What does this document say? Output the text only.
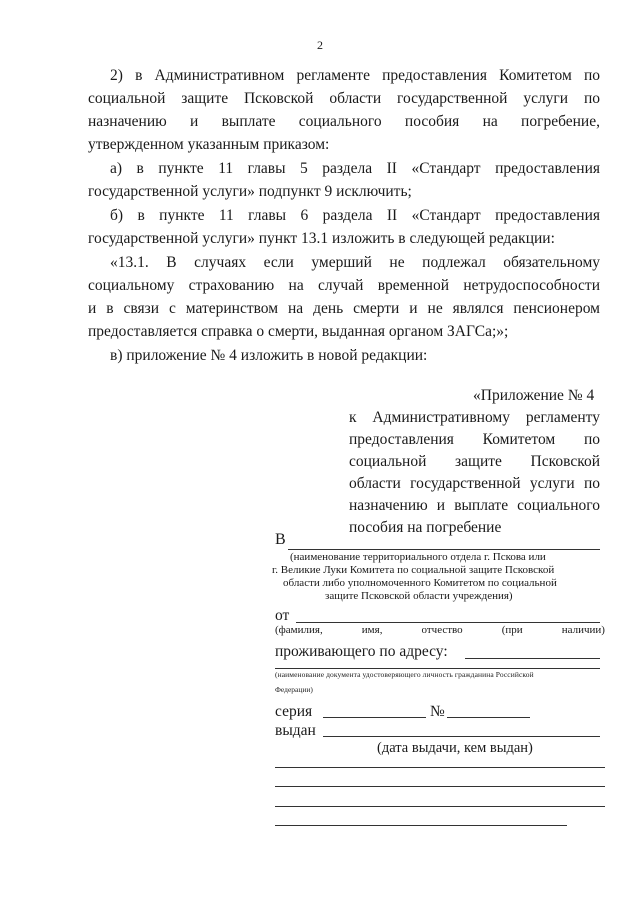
2
2) в Административном регламенте предоставления Комитетом по
социальной защите Псковской области государственной услуги по
назначению и выплате социального пособия на погребение,
утвержденном указанным приказом:
а) в пункте 11 главы 5 раздела II «Стандарт предоставления
государственной услуги» подпункт 9 исключить;
б) в пункте 11 главы 6 раздела II «Стандарт предоставления
государственной услуги» пункт 13.1 изложить в следующей редакции:
«13.1. В случаях если умерший не подлежал обязательному
социальному страхованию на случай временной нетрудоспособности
и в связи с материнством на день смерти и не являлся пенсионером
предоставляется справка о смерти, выданная органом ЗАГСа;»;
в) приложение № 4 изложить в новой редакции:
«Приложение № 4
к Административному регламенту
предоставления Комитетом по
социальной защите Псковской
области государственной услуги по
назначению и выплате социального
пособия на погребение
В
(наименование территориального отдела г. Пскова или
г. Великие Луки Комитета по социальной защите Псковской
области либо уполномоченного Комитетом по социальной
защите Псковской области учреждения)
от
(фамилия,	имя,	отчество	(при	наличии)
проживающего по адресу:
(наименование документа удостоверяющего личность гражданина Российской
Федерации)
серия	№
выдан
(дата выдачи, кем выдан)
